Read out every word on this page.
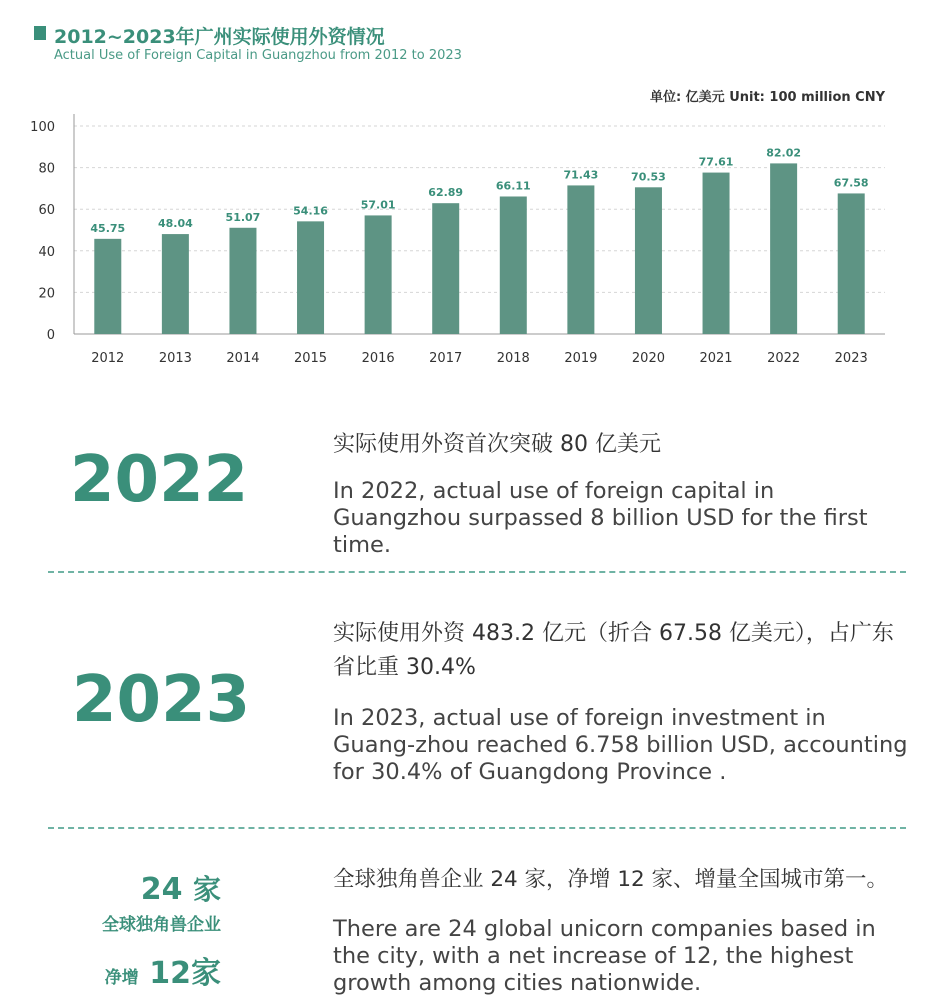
2012~2023年广州实际使用外资情况
Actual Use of Foreign Capital in Guangzhou from 2012 to 2023
单位: 亿美元 Unit: 100 million CNY
0
20
40
60
80
100
45.75
2012
48.04
2013
51.07
2014
54.16
2015
57.01
2016
62.89
2017
66.11
2018
71.43
2019
70.53
2020
77.61
2021
82.02
2022
67.58
2023
2022	实际使用外资首次突破 80 亿美元
In 2022, actual use of foreign capital in Guangzhou surpassed 8 billion USD for the first time.
2023
实际使用外资 483.2 亿元（折合 67.58 亿美元），占广东
省比重 30.4%
In 2023, actual use of foreign investment in Guang-zhou reached 6.758 billion USD, accounting for 30.4% of Guangdong Province .
24 家
全球独角兽企业
净增 12家
全球独角兽企业 24 家，净增 12 家、增量全国城市第一。
There are 24 global unicorn companies based in the city, with a net increase of 12, the highest growth among cities nationwide.
